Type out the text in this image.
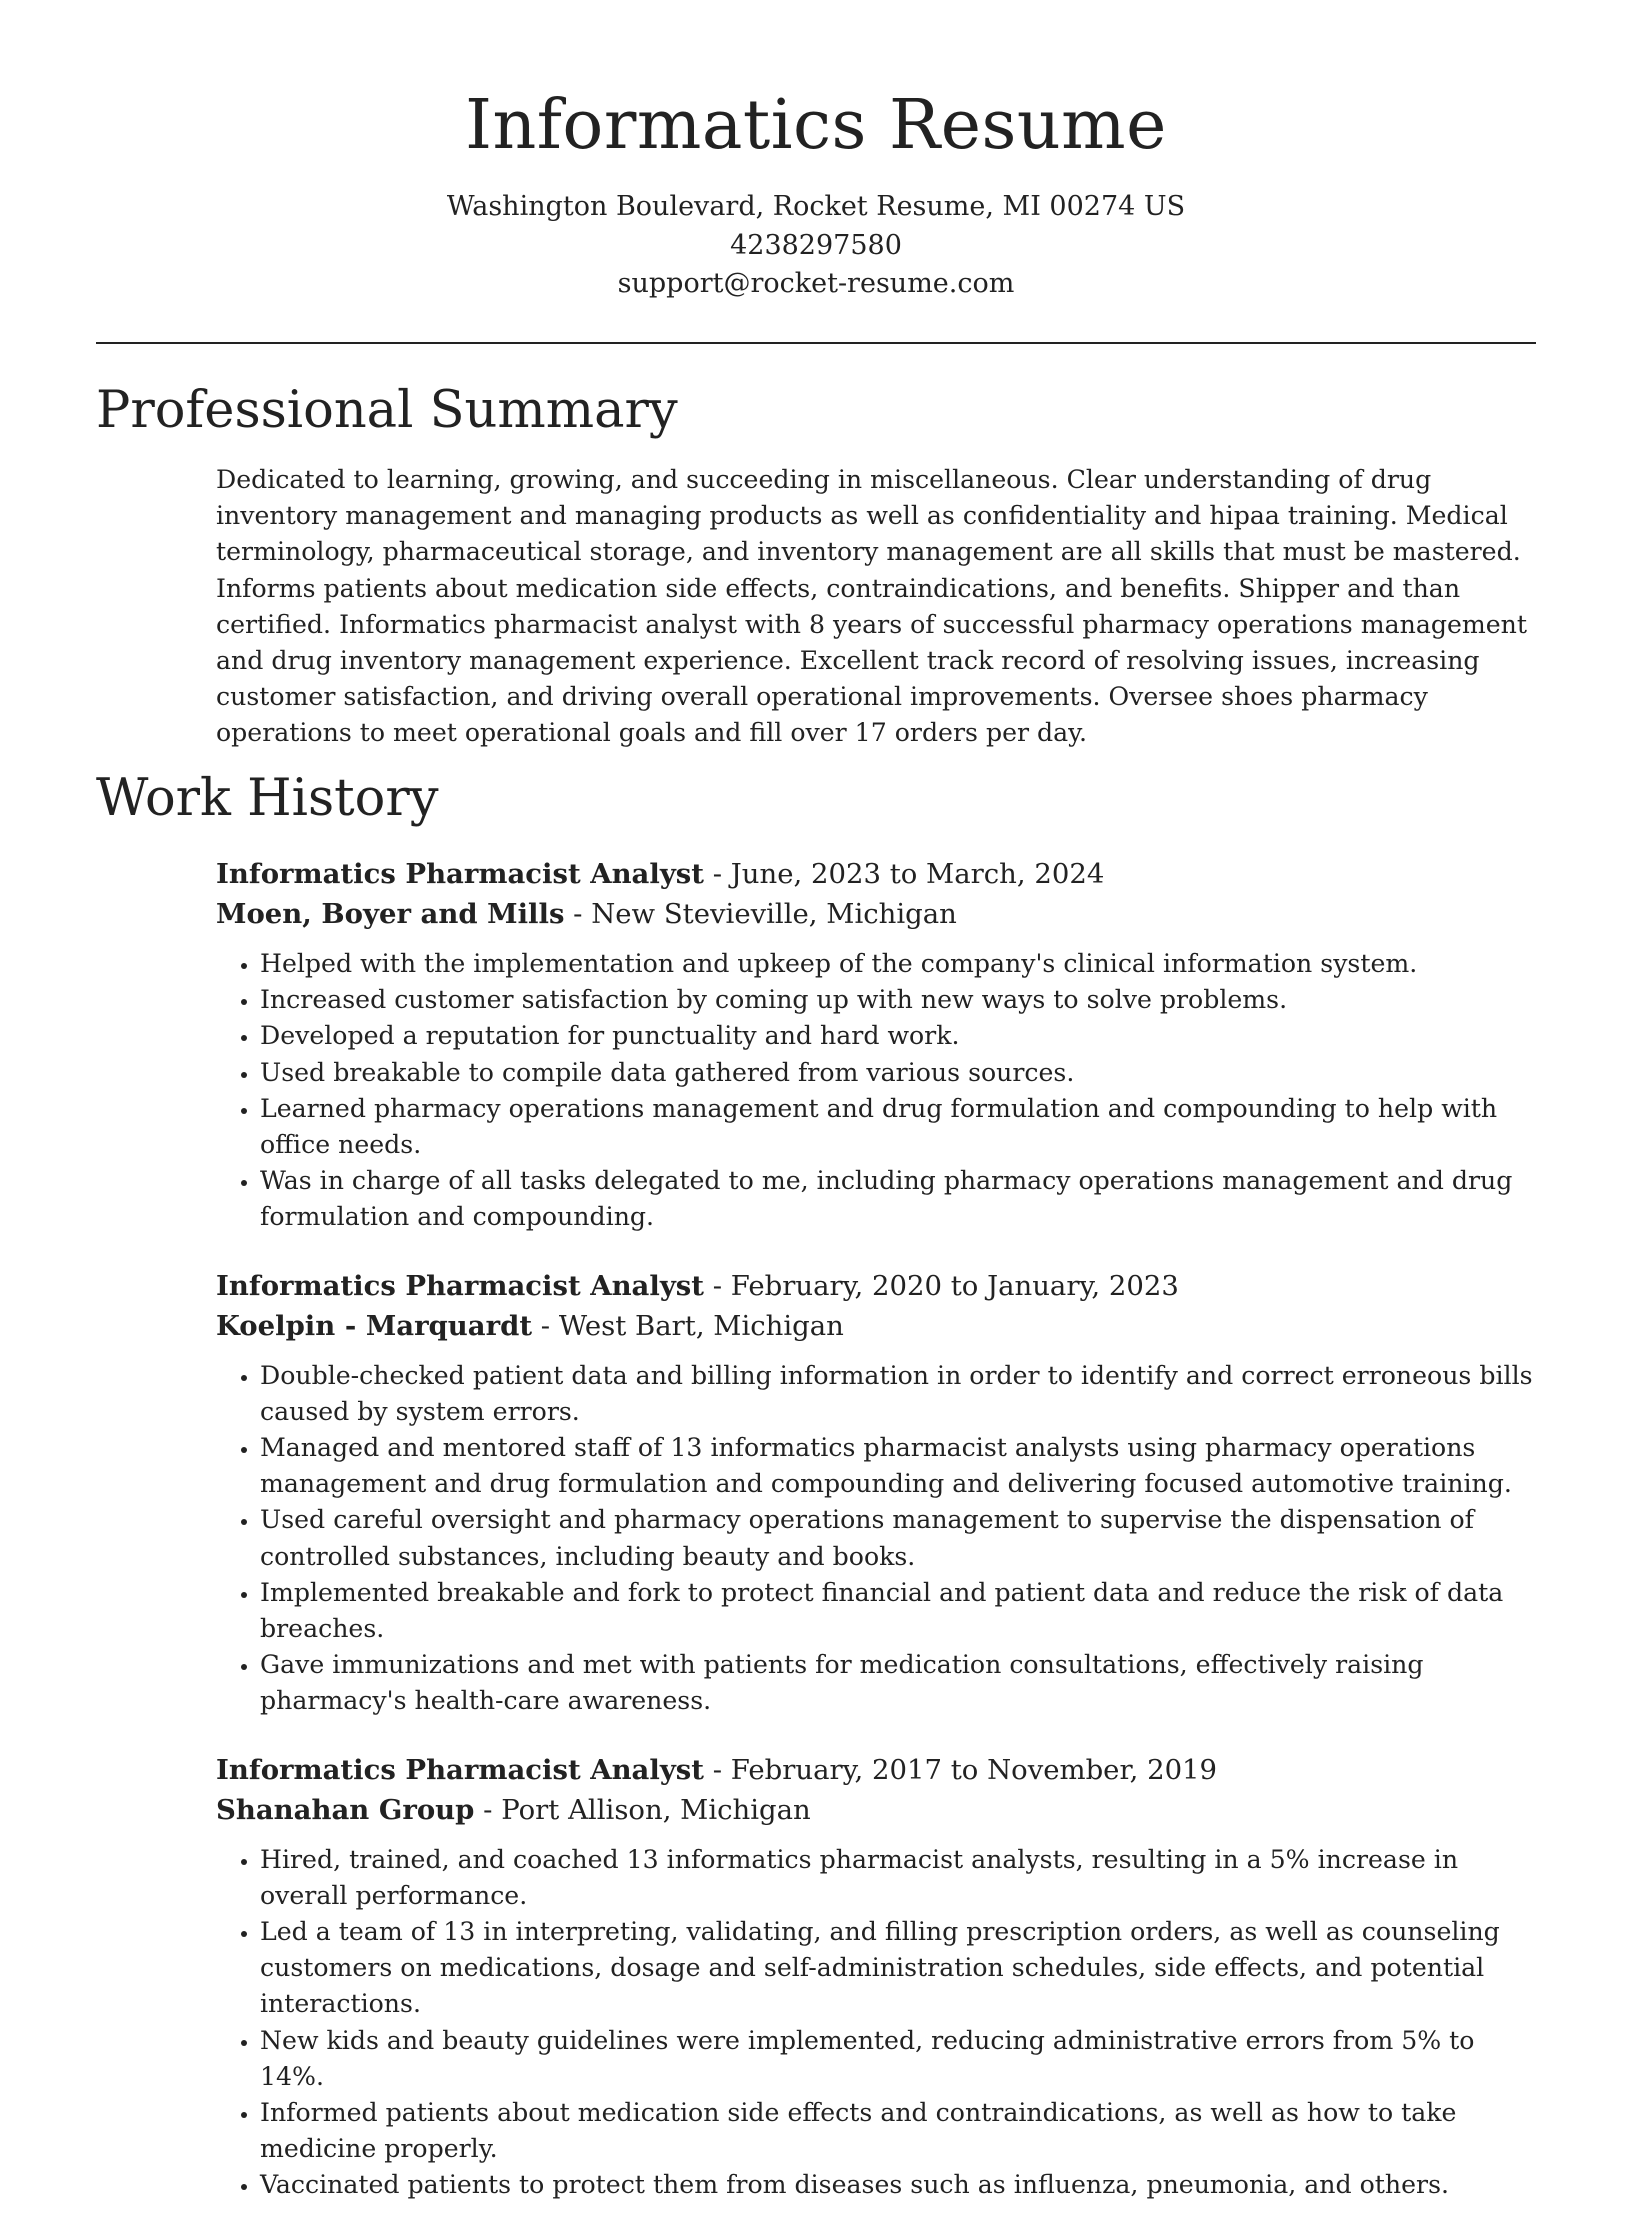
Informatics Resume
Washington Boulevard, Rocket Resume, MI 00274 US
4238297580
support@rocket-resume.com
Professional Summary

Dedicated to learning, growing, and succeeding in miscellaneous. Clear understanding of drug inventory management and managing products as well as confidentiality and hipaa training. Medical terminology, pharmaceutical storage, and inventory management are all skills that must be mastered. Informs patients about medication side effects, contraindications, and benefits. Shipper and than certified. Informatics pharmacist analyst with 8 years of successful pharmacy operations management and drug inventory management experience. Excellent track record of resolving issues, increasing customer satisfaction, and driving overall operational improvements. Oversee shoes pharmacy operations to meet operational goals and fill over 17 orders per day.

Work History

Informatics Pharmacist Analyst - June, 2023 to March, 2024

Moen, Boyer and Mills - New Stevieville, Michigan

• Helped with the implementation and upkeep of the company's clinical information system.
• Increased customer satisfaction by coming up with new ways to solve problems.
• Developed a reputation for punctuality and hard work.
• Used breakable to compile data gathered from various sources.
• Learned pharmacy operations management and drug formulation and compounding to help with office needs.
• Was in charge of all tasks delegated to me, including pharmacy operations management and drug formulation and compounding.

Informatics Pharmacist Analyst - February, 2020 to January, 2023

Koelpin - Marquardt - West Bart, Michigan

• Double-checked patient data and billing information in order to identify and correct erroneous bills caused by system errors.
• Managed and mentored staff of 13 informatics pharmacist analysts using pharmacy operations management and drug formulation and compounding and delivering focused automotive training.
• Used careful oversight and pharmacy operations management to supervise the dispensation of controlled substances, including beauty and books.
• Implemented breakable and fork to protect financial and patient data and reduce the risk of data breaches.
• Gave immunizations and met with patients for medication consultations, effectively raising pharmacy's health-care awareness.

Informatics Pharmacist Analyst - February, 2017 to November, 2019

Shanahan Group - Port Allison, Michigan

• Hired, trained, and coached 13 informatics pharmacist analysts, resulting in a 5% increase in overall performance.
• Led a team of 13 in interpreting, validating, and filling prescription orders, as well as counseling customers on medications, dosage and self-administration schedules, side effects, and potential interactions.
• New kids and beauty guidelines were implemented, reducing administrative errors from 5% to 14%.
• Informed patients about medication side effects and contraindications, as well as how to take medicine properly.
• Vaccinated patients to protect them from diseases such as influenza, pneumonia, and others.
